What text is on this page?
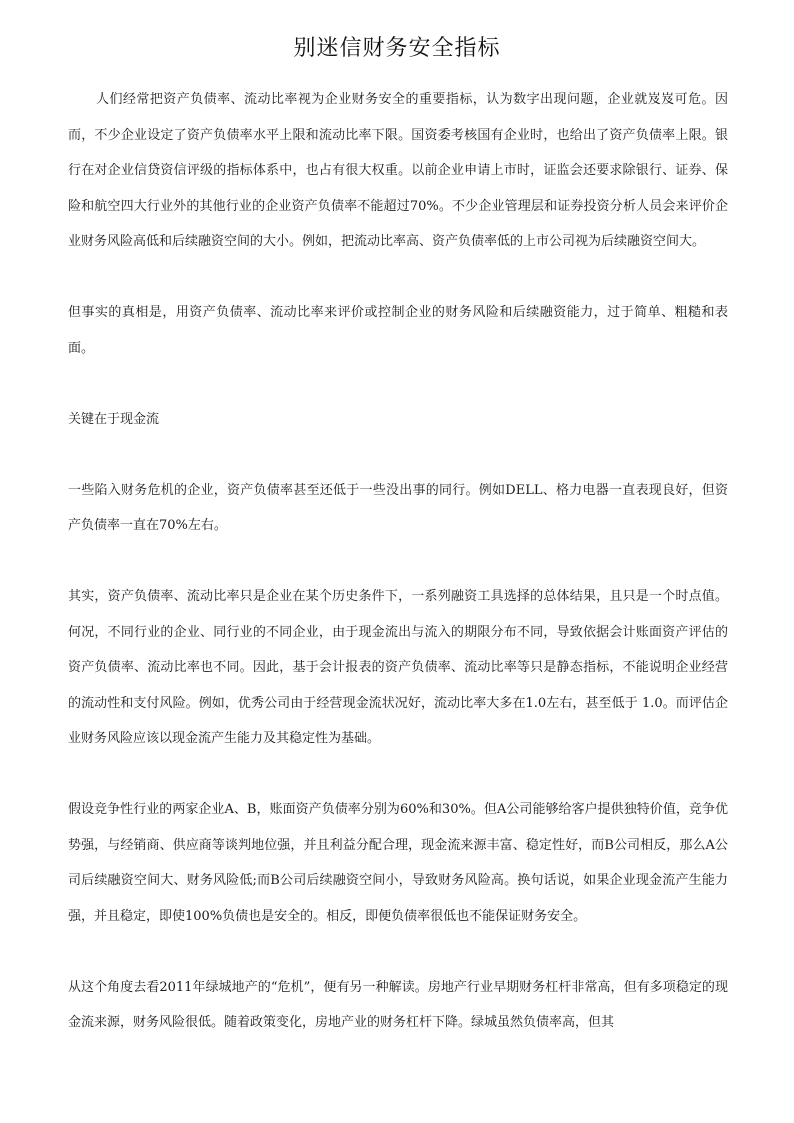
别迷信财务安全指标

人们经常把资产负债率、流动比率视为企业财务安全的重要指标，认为数字出现问题，企业就岌岌可危。因而，不少企业设定了资产负债率水平上限和流动比率下限。国资委考核国有企业时，也给出了资产负债率上限。银行在对企业信贷资信评级的指标体系中，也占有很大权重。以前企业申请上市时，证监会还要求除银行、证券、保险和航空四大行业外的其他行业的企业资产负债率不能超过70%。不少企业管理层和证券投资分析人员会来评价企业财务风险高低和后续融资空间的大小。例如，把流动比率高、资产负债率低的上市公司视为后续融资空间大。

但事实的真相是，用资产负债率、流动比率来评价或控制企业的财务风险和后续融资能力，过于简单、粗糙和表面。

关键在于现金流

一些陷入财务危机的企业，资产负债率甚至还低于一些没出事的同行。例如DELL、格力电器一直表现良好，但资产负债率一直在70%左右。

其实，资产负债率、流动比率只是企业在某个历史条件下，一系列融资工具选择的总体结果，且只是一个时点值。何况，不同行业的企业、同行业的不同企业，由于现金流出与流入的期限分布不同，导致依据会计账面资产评估的资产负债率、流动比率也不同。因此，基于会计报表的资产负债率、流动比率等只是静态指标，不能说明企业经营的流动性和支付风险。例如，优秀公司由于经营现金流状况好，流动比率大多在1.0左右，甚至低于 1.0。而评估企业财务风险应该以现金流产生能力及其稳定性为基础。

假设竞争性行业的两家企业A、B，账面资产负债率分别为60%和30%。但A公司能够给客户提供独特价值，竞争优势强，与经销商、供应商等谈判地位强，并且利益分配合理，现金流来源丰富、稳定性好，而B公司相反，那么A公司后续融资空间大、财务风险低;而B公司后续融资空间小，导致财务风险高。换句话说，如果企业现金流产生能力强，并且稳定，即使100%负债也是安全的。相反，即便负债率很低也不能保证财务安全。

从这个角度去看2011年绿城地产的“危机”，便有另一种解读。房地产行业早期财务杠杆非常高，但有多项稳定的现金流来源，财务风险很低。随着政策变化，房地产业的财务杠杆下降。绿城虽然负债率高，但其
